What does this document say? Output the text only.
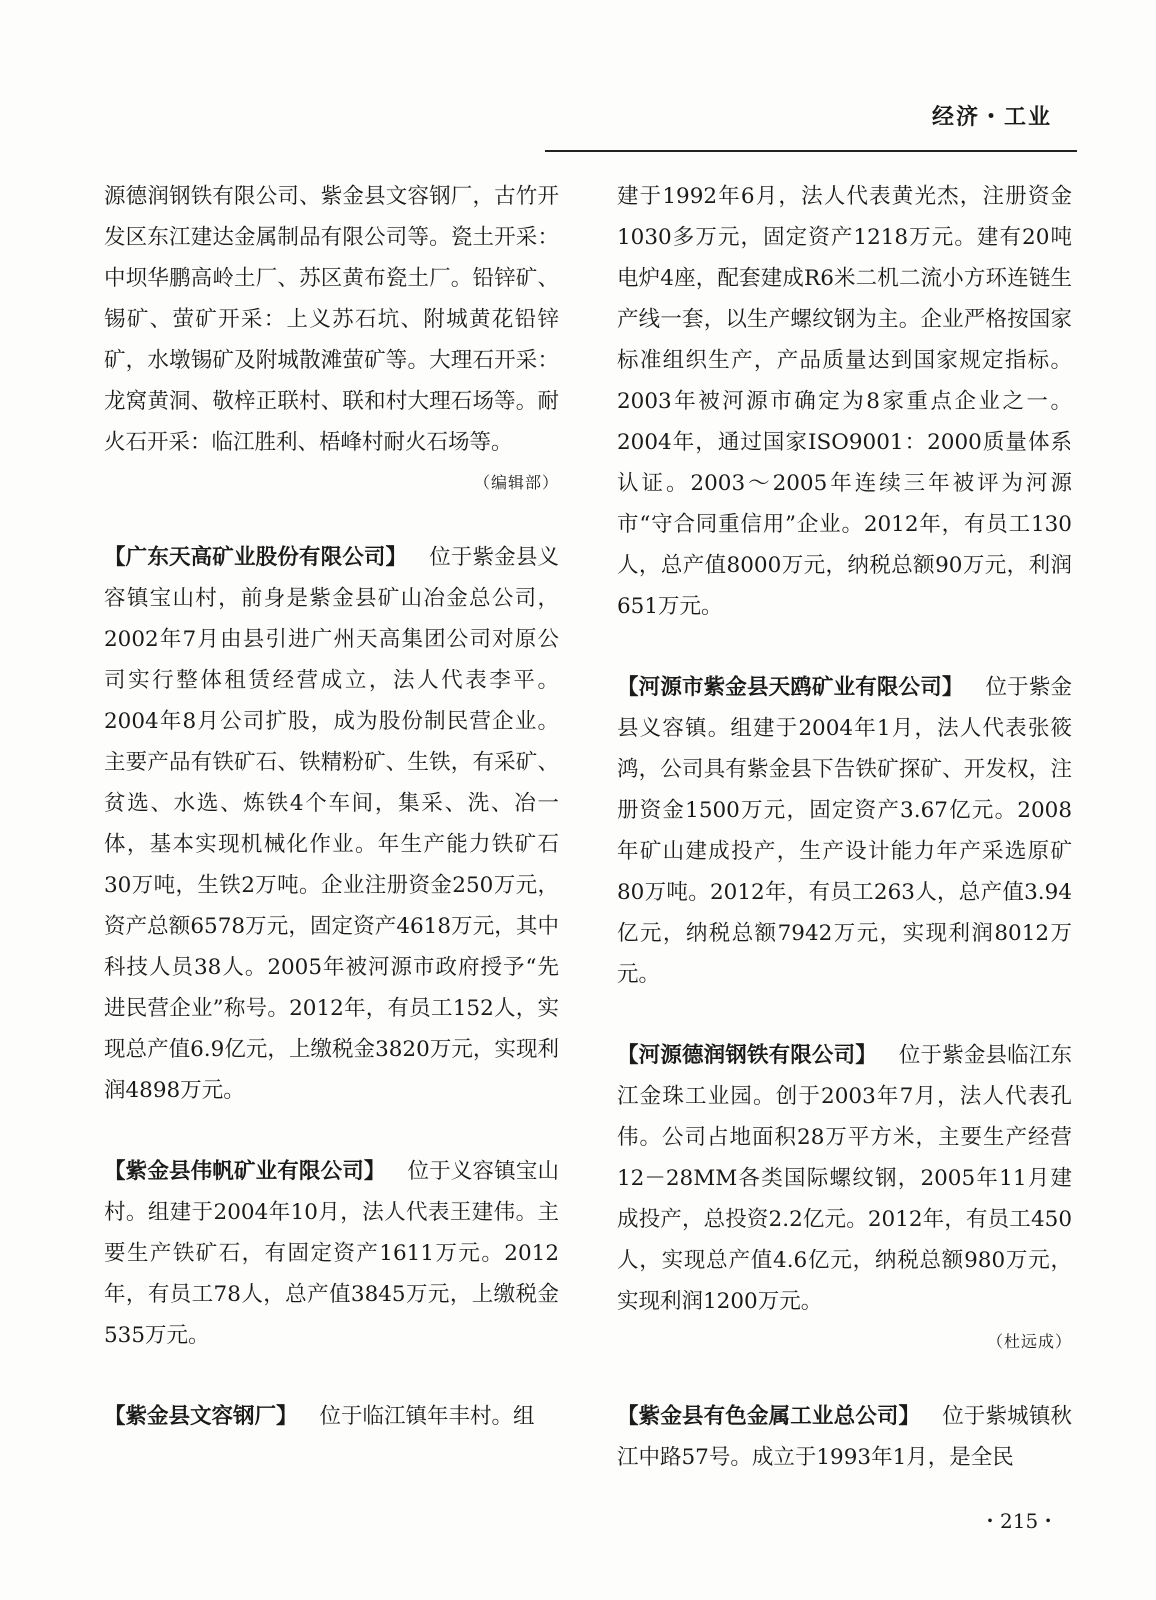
经济・工业

源德润钢铁有限公司、紫金县文容钢厂，古竹开发区东江建达金属制品有限公司等。瓷土开采：中坝华鹏高岭土厂、苏区黄布瓷土厂。铅锌矿、锡矿、萤矿开采：上义苏石坑、附城黄花铅锌矿，水墩锡矿及附城散滩萤矿等。大理石开采：龙窝黄洞、敬梓正联村、联和村大理石场等。耐火石开采：临江胜利、梧峰村耐火石场等。

（编辑部）

【广东天高矿业股份有限公司】 位于紫金县义容镇宝山村，前身是紫金县矿山冶金总公司，2002年7月由县引进广州天高集团公司对原公司实行整体租赁经营成立，法人代表李平。2004年8月公司扩股，成为股份制民营企业。主要产品有铁矿石、铁精粉矿、生铁，有采矿、贫选、水选、炼铁4个车间，集采、洗、冶一体，基本实现机械化作业。年生产能力铁矿石30万吨，生铁2万吨。企业注册资金250万元，资产总额6578万元，固定资产4618万元，其中科技人员38人。2005年被河源市政府授予“先进民营企业”称号。2012年，有员工152人，实现总产值6.9亿元，上缴税金3820万元，实现利润4898万元。

【紫金县伟帆矿业有限公司】 位于义容镇宝山村。组建于2004年10月，法人代表王建伟。主要生产铁矿石，有固定资产1611万元。2012年，有员工78人，总产值3845万元，上缴税金535万元。

【紫金县文容钢厂】 位于临江镇年丰村。组

建于1992年6月，法人代表黄光杰，注册资金1030多万元，固定资产1218万元。建有20吨电炉4座，配套建成R6米二机二流小方环连链生产线一套，以生产螺纹钢为主。企业严格按国家标准组织生产，产品质量达到国家规定指标。2003年被河源市确定为8家重点企业之一。2004年，通过国家ISO9001：2000质量体系认证。2003～2005年连续三年被评为河源市“守合同重信用”企业。2012年，有员工130人，总产值8000万元，纳税总额90万元，利润651万元。

【河源市紫金县天鸥矿业有限公司】 位于紫金县义容镇。组建于2004年1月，法人代表张筱鸿，公司具有紫金县下告铁矿探矿、开发权，注册资金1500万元，固定资产3.67亿元。2008年矿山建成投产，生产设计能力年产采选原矿80万吨。2012年，有员工263人，总产值3.94亿元，纳税总额7942万元，实现利润8012万元。

【河源德润钢铁有限公司】 位于紫金县临江东江金珠工业园。创于2003年7月，法人代表孔伟。公司占地面积28万平方米，主要生产经营12－28MM各类国际螺纹钢，2005年11月建成投产，总投资2.2亿元。2012年，有员工450人，实现总产值4.6亿元，纳税总额980万元，实现利润1200万元。

（杜远成）

【紫金县有色金属工业总公司】 位于紫城镇秋江中路57号。成立于1993年1月，是全民

・215・
